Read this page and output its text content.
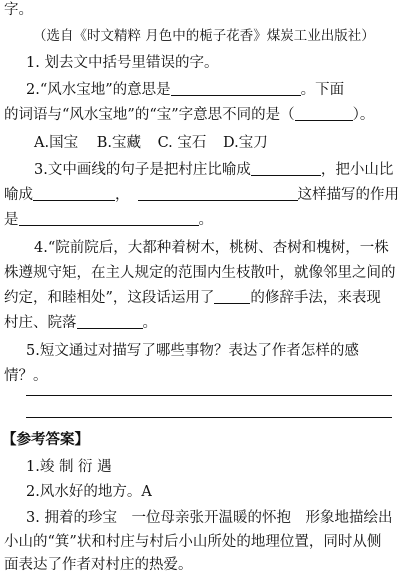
字。
（选自《时文精粹 月色中的栀子花香》煤炭工业出版社）
1. 划去文中括号里错误的字。
2.“风水宝地”的意思是	。下面
的词语与“风水宝地”的“宝”字意思不同的是（	）。
A.国宝 B.宝藏 C. 宝石 D.宝刀
3.文中画线的句子是把村庄比喻成	，把小山比
喻成	，	这样描写的作用
是	。
4.“院前院后，大都种着树木，桃树、杏树和槐树，一株
株遵规守矩，在主人规定的范围内生枝散叶，就像邻里之间的
约定，和睦相处”，这段话运用了 的修辞手法，来表现
村庄、院落	。
5.短文通过对描写了哪些事物？表达了作者怎样的感
情？。
【参考答案】
1.竣 制 衍 遇
2.风水好的地方。A
3. 拥着的珍宝　一位母亲张开温暖的怀抱　形象地描绘出
小山的“箕”状和村庄与村后小山所处的地理位置，同时从侧
面表达了作者对村庄的热爱。
